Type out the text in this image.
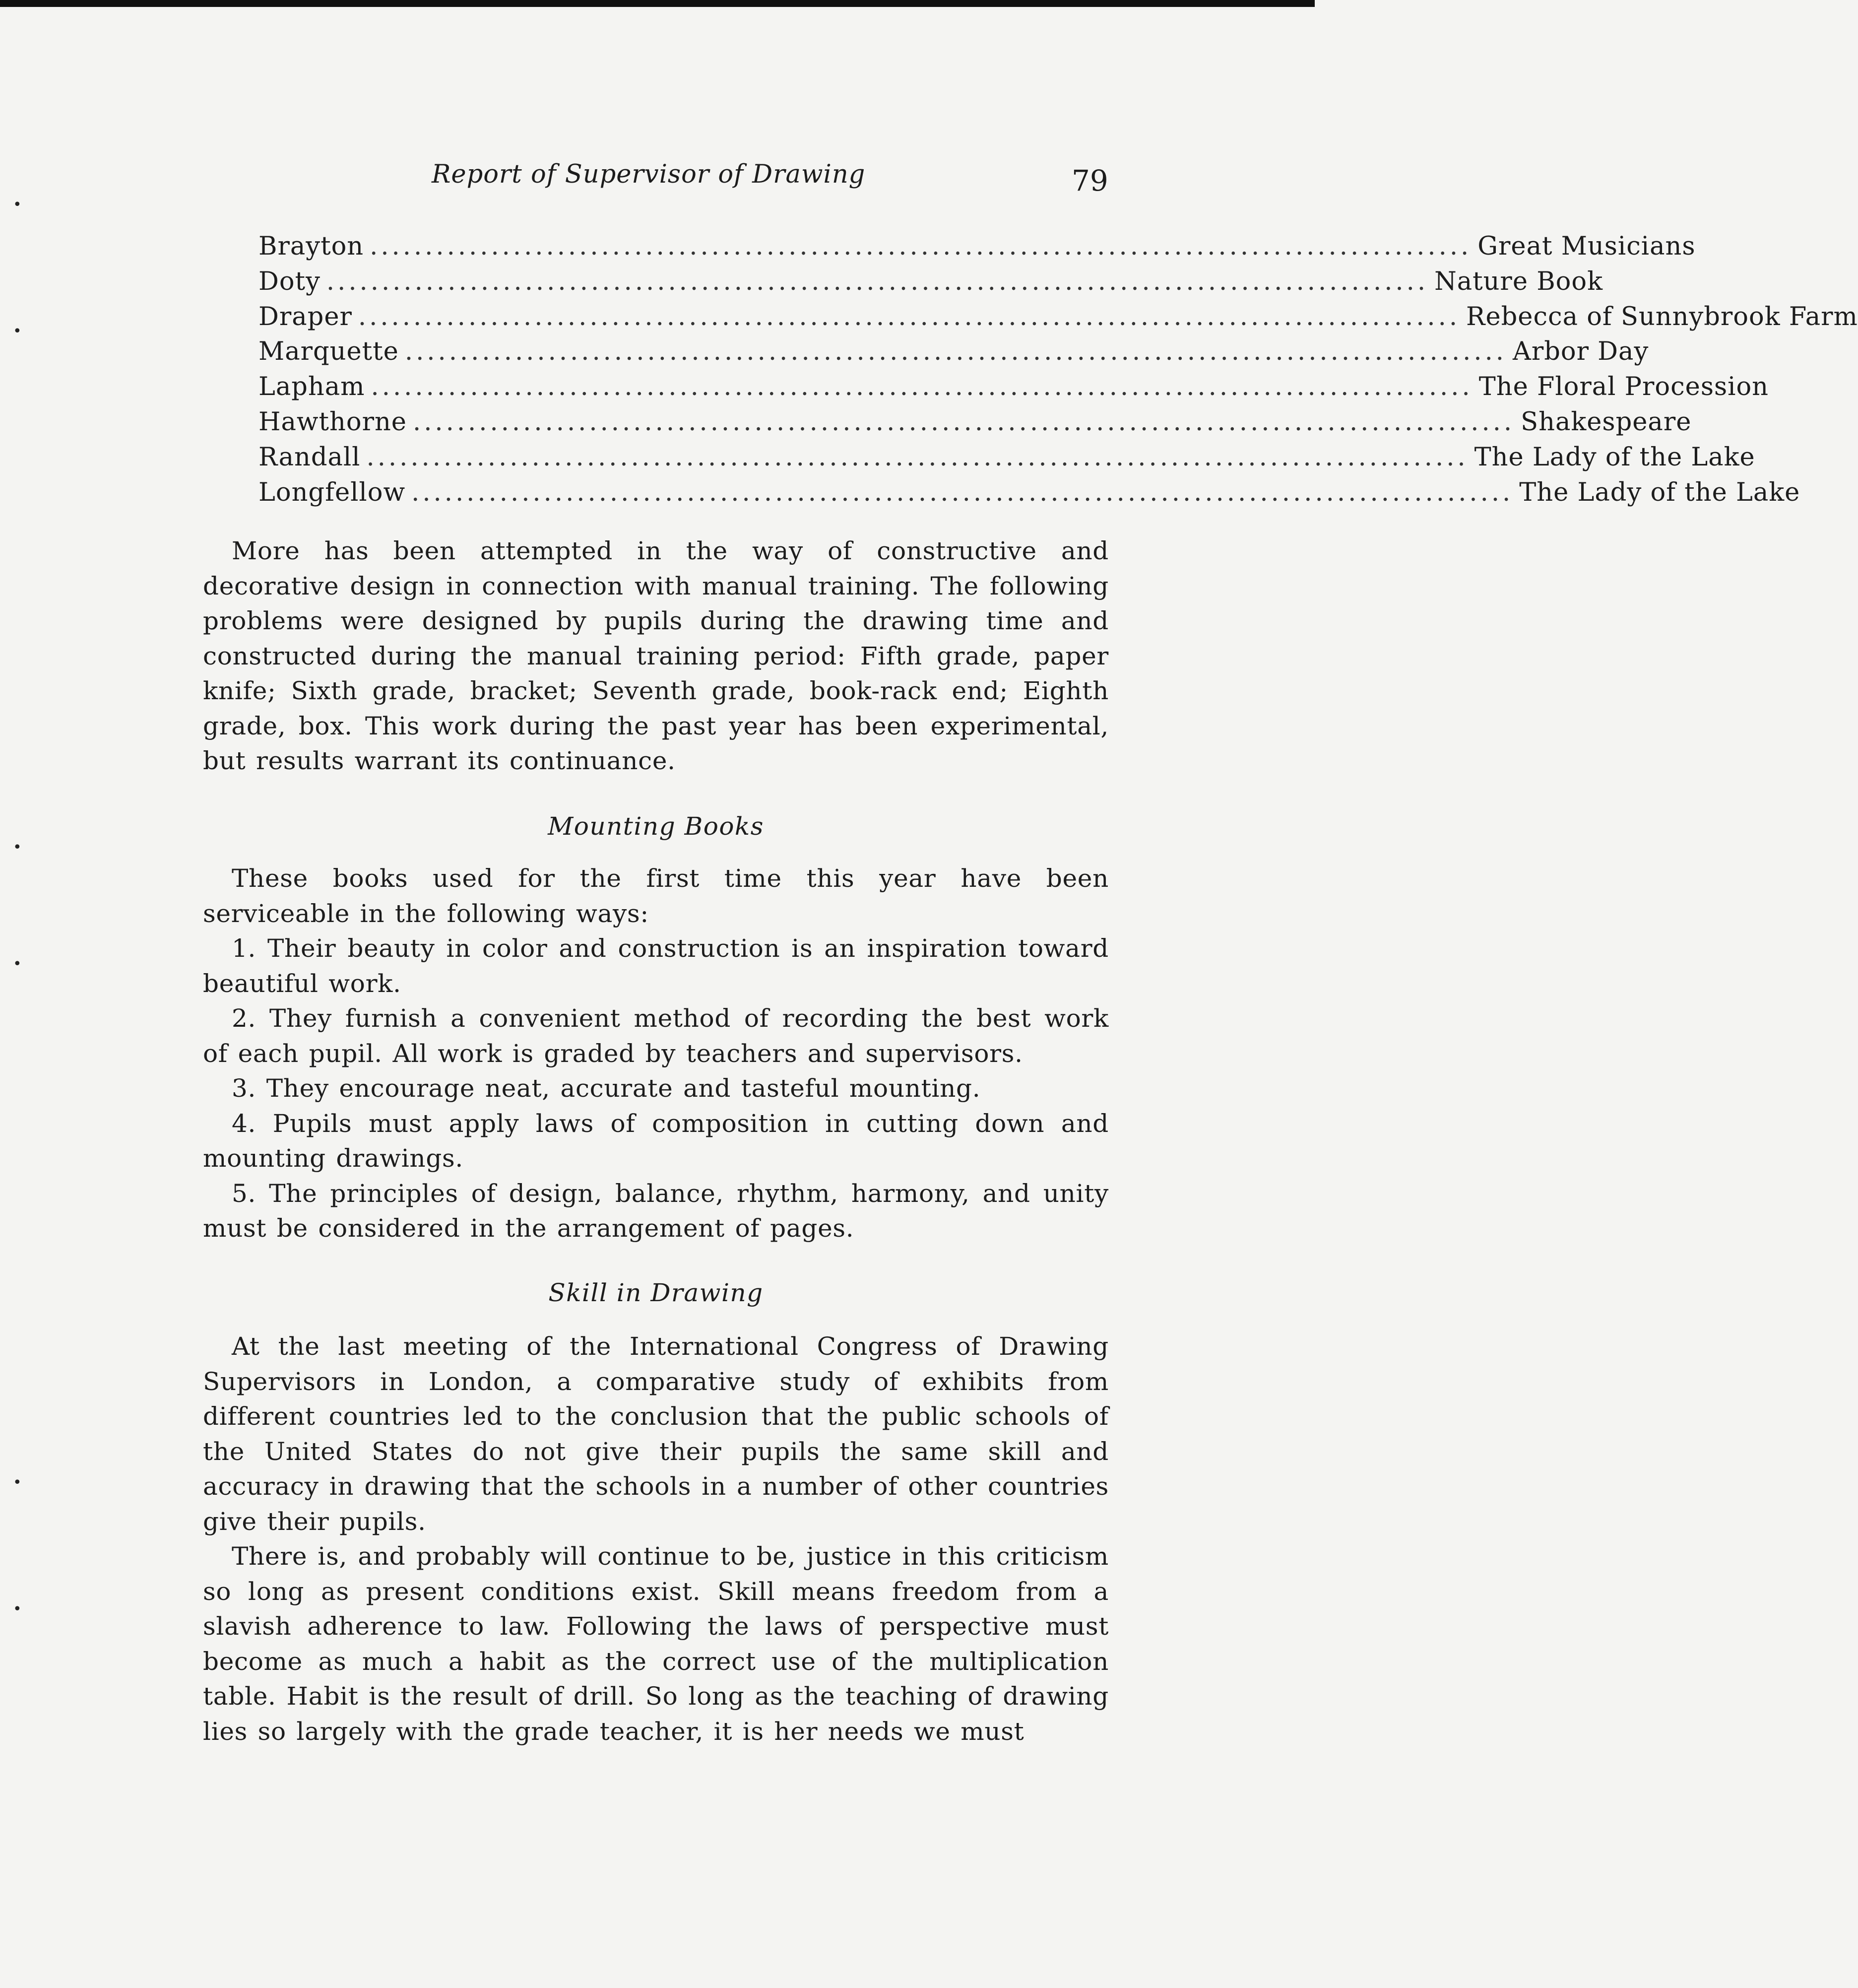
Report of Supervisor of Drawing	79
Brayton .................................................................................................... Great Musicians
Doty .................................................................................................... Nature Book
Draper .................................................................................................... Rebecca of Sunnybrook Farm
Marquette .................................................................................................... Arbor Day
Lapham .................................................................................................... The Floral Procession
Hawthorne .................................................................................................... Shakespeare
Randall .................................................................................................... The Lady of the Lake
Longfellow .................................................................................................... The Lady of the Lake

More has been attempted in the way of constructive and decorative design in connection with manual training. The following problems were designed by pupils during the drawing time and constructed during the manual training period: Fifth grade, paper knife; Sixth grade, bracket; Seventh grade, book-rack end; Eighth grade, box. This work during the past year has been experimental, but results warrant its continuance.

Mounting Books

These books used for the first time this year have been serviceable in the following ways:

1. Their beauty in color and construction is an inspiration toward beautiful work.

2. They furnish a convenient method of recording the best work of each pupil. All work is graded by teachers and supervisors.

3. They encourage neat, accurate and tasteful mounting.

4. Pupils must apply laws of composition in cutting down and mounting drawings.

5. The principles of design, balance, rhythm, harmony, and unity must be considered in the arrangement of pages.

Skill in Drawing

At the last meeting of the International Congress of Drawing Supervisors in London, a comparative study of exhibits from different countries led to the conclusion that the public schools of the United States do not give their pupils the same skill and accuracy in drawing that the schools in a number of other countries give their pupils.

There is, and probably will continue to be, justice in this criticism so long as present conditions exist. Skill means freedom from a slavish adherence to law. Following the laws of perspective must become as much a habit as the correct use of the multiplication table. Habit is the result of drill. So long as the teaching of drawing lies so largely with the grade teacher, it is her needs we must

•
•
•
•
•
•
